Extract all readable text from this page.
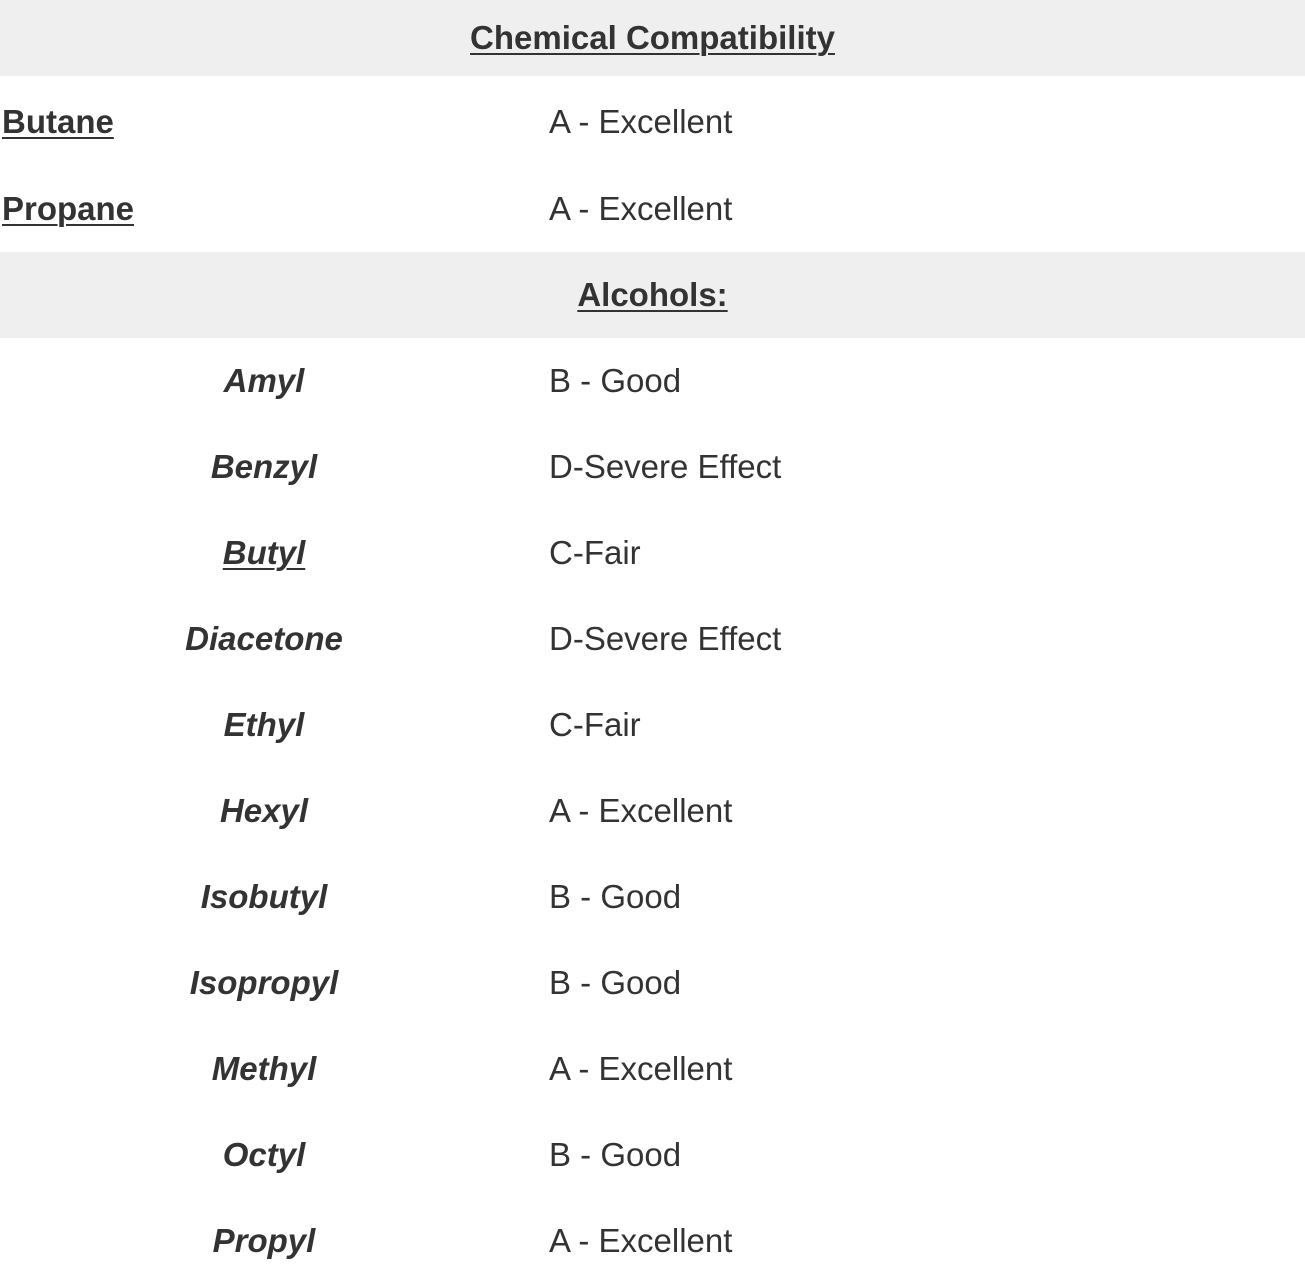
Chemical Compatibility
Butane	A - Excellent
Propane	A - Excellent
Alcohols:
Amyl	B - Good
Benzyl	D-Severe Effect
Butyl	C-Fair
Diacetone	D-Severe Effect
Ethyl	C-Fair
Hexyl	A - Excellent
Isobutyl	B - Good
Isopropyl	B - Good
Methyl	A - Excellent
Octyl	B - Good
Propyl	A - Excellent
